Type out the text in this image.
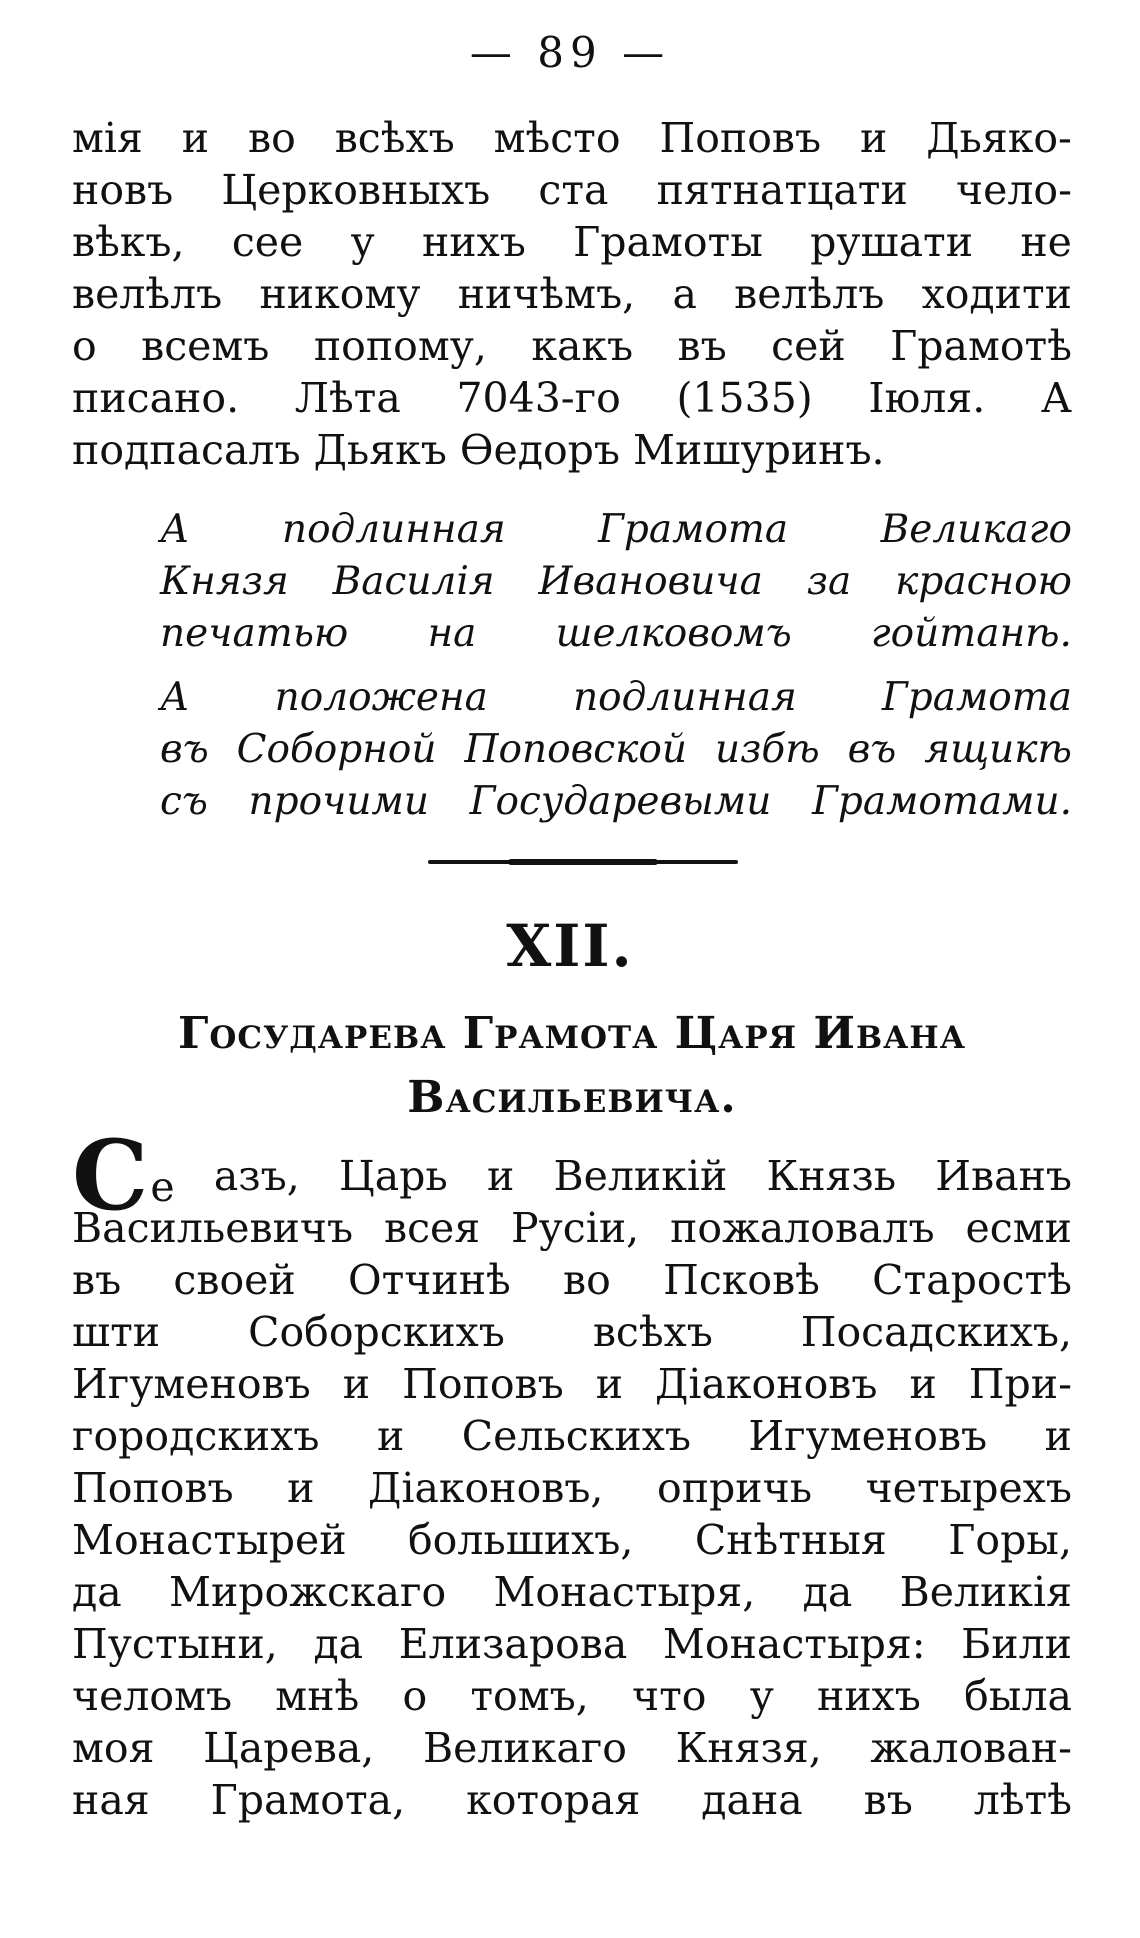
— 89 —
мія и во всѣхъ мѣсто Поповъ и Дьяко-
новъ Церковныхъ ста пятнатцати чело-
вѣкъ, сее у нихъ Грамоты рушати не
велѣлъ никому ничѣмъ, а велѣлъ ходити
о всемъ попому, какъ въ сей Грамотѣ
писано. Лѣта 7043-го (1535) Іюля. А
подпасалъ Дьякъ Ѳедоръ Мишуринъ.
А подлинная Грамота Великаго
Князя Василія Ивановича за красною
печатью на шелковомъ гойтанѣ.
А положена подлинная Грамота
въ Соборной Поповской избѣ въ ящикѣ
съ прочими Государевыми Грамотами.
XII.
Государева Грамота Царя Ивана
Васильевича.
Се азъ, Царь и Великій Князь Иванъ
Васильевичъ всея Русіи, пожаловалъ есми
въ своей Отчинѣ во Псковѣ Старостѣ
шти Соборскихъ всѣхъ Посадскихъ,
Игуменовъ и Поповъ и Діаконовъ и При-
городскихъ и Сельскихъ Игуменовъ и
Поповъ и Діаконовъ, опричь четырехъ
Монастырей большихъ, Снѣтныя Горы,
да Мирожскаго Монастыря, да Великія
Пустыни, да Елизарова Монастыря: Били
челомъ мнѣ о томъ, что у нихъ была
моя Царева, Великаго Князя, жалован-
ная Грамота, которая дана въ лѣтѣ
